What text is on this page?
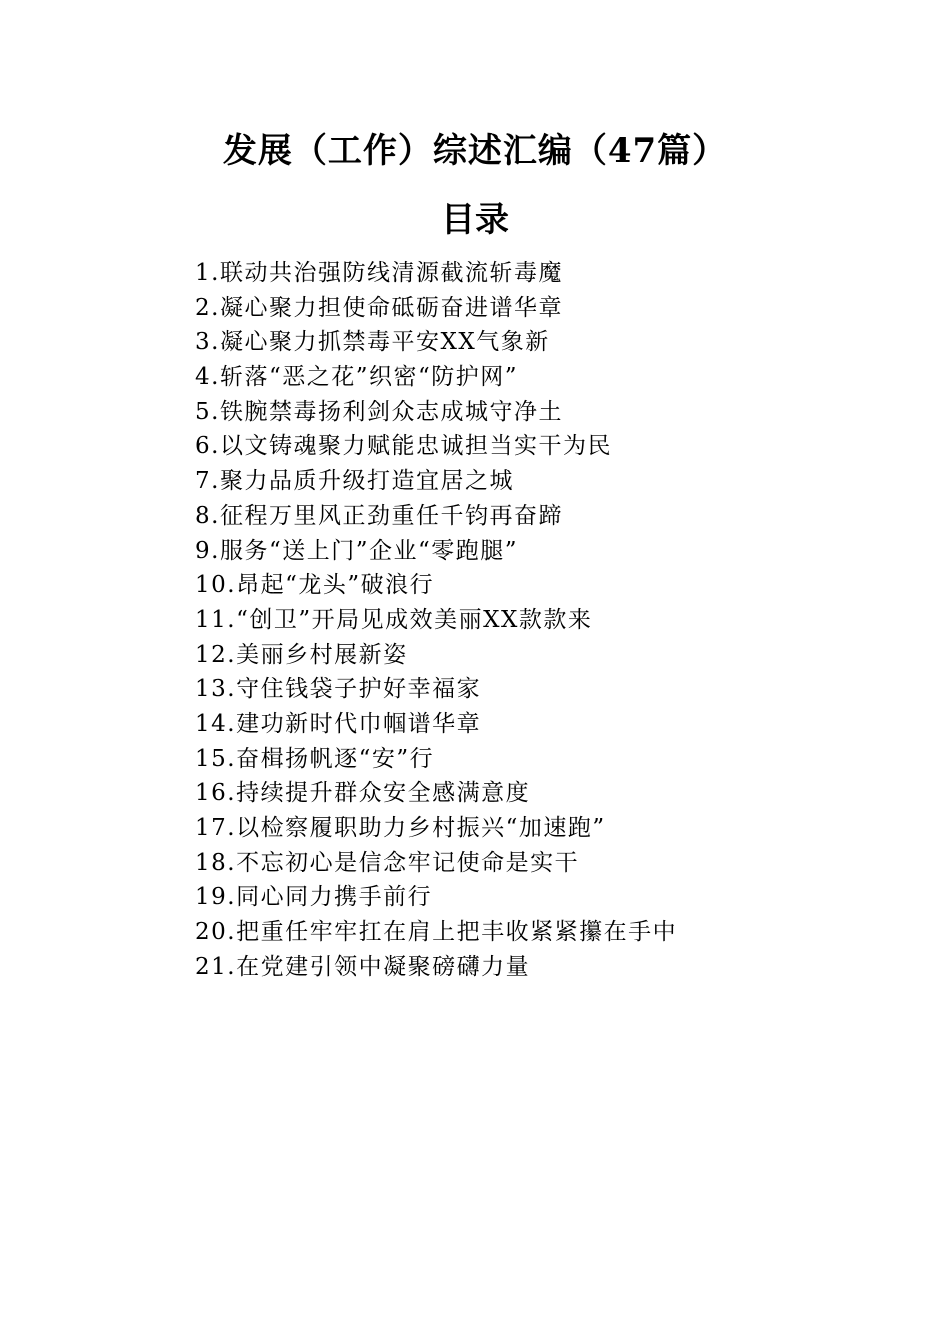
发展（工作）综述汇编（47篇）
目录
1.联动共治强防线清源截流斩毒魔
2.凝心聚力担使命砥砺奋进谱华章
3.凝心聚力抓禁毒平安XX气象新
4.斩落“恶之花”织密“防护网”
5.铁腕禁毒扬利剑众志成城守净土
6.以文铸魂聚力赋能忠诚担当实干为民
7.聚力品质升级打造宜居之城
8.征程万里风正劲重任千钧再奋蹄
9.服务“送上门”企业“零跑腿”
10.昂起“龙头”破浪行
11.“创卫”开局见成效美丽XX款款来
12.美丽乡村展新姿
13.守住钱袋子护好幸福家
14.建功新时代巾帼谱华章
15.奋楫扬帆逐“安”行
16.持续提升群众安全感满意度
17.以检察履职助力乡村振兴“加速跑”
18.不忘初心是信念牢记使命是实干
19.同心同力携手前行
20.把重任牢牢扛在肩上把丰收紧紧攥在手中
21.在党建引领中凝聚磅礴力量
